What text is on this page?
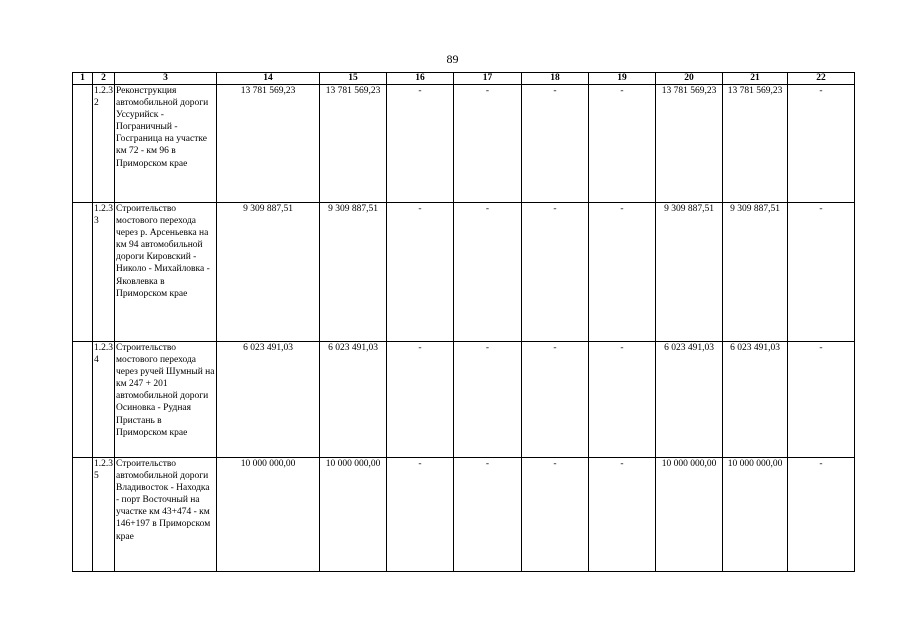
89
1	2	3	14	15	16	17	18	19	20	21	22
	1.2.3 2	Реконструкция автомобильной дороги Уссурийск - Пограничный - Госграница на участке км 72 - км 96 в Приморском крае	13 781 569,23	13 781 569,23	-	-	-	-	13 781 569,23	13 781 569,23	-
	1.2.3 3	Строительство мостового перехода через р. Арсеньевка на км 94 автомобильной дороги Кировский - Николо - Михайловка - Яковлевка в Приморском крае	9 309 887,51	9 309 887,51	-	-	-	-	9 309 887,51	9 309 887,51	-
	1.2.3 4	Строительство мостового перехода через ручей Шумный на км 247 + 201 автомобильной дороги Осиновка - Рудная Пристань в Приморском крае	6 023 491,03	6 023 491,03	-	-	-	-	6 023 491,03	6 023 491,03	-
	1.2.3 5	Строительство автомобильной дороги Владивосток - Находка - порт Восточный на участке км 43+474 - км 146+197 в Приморском крае	10 000 000,00	10 000 000,00	-	-	-	-	10 000 000,00	10 000 000,00	-
